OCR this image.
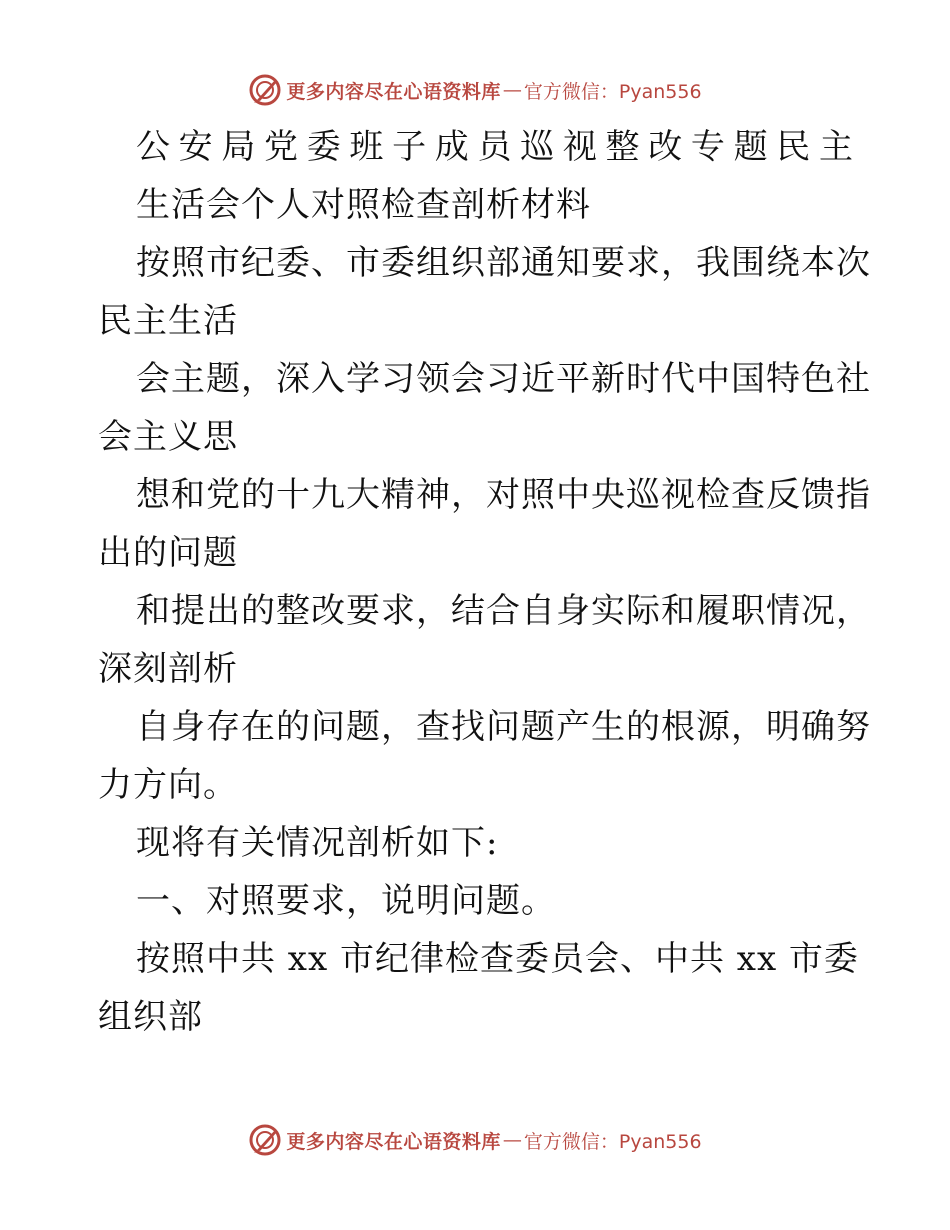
更多内容尽在心语资料库 — 官方微信：Pyan556
公安局党委班子成员巡视整改专题民主
生活会个人对照检查剖析材料
按照市纪委、市委组织部通知要求，我围绕本次
民主生活
会主题，深入学习领会习近平新时代中国特色社
会主义思
想和党的十九大精神，对照中央巡视检查反馈指
出的问题
和提出的整改要求，结合自身实际和履职情况，
深刻剖析
自身存在的问题，查找问题产生的根源，明确努
力方向。
现将有关情况剖析如下:
一、对照要求，说明问题。
按照中共 xx 市纪律检查委员会、中共 xx 市委
组织部
更多内容尽在心语资料库 — 官方微信：Pyan556
